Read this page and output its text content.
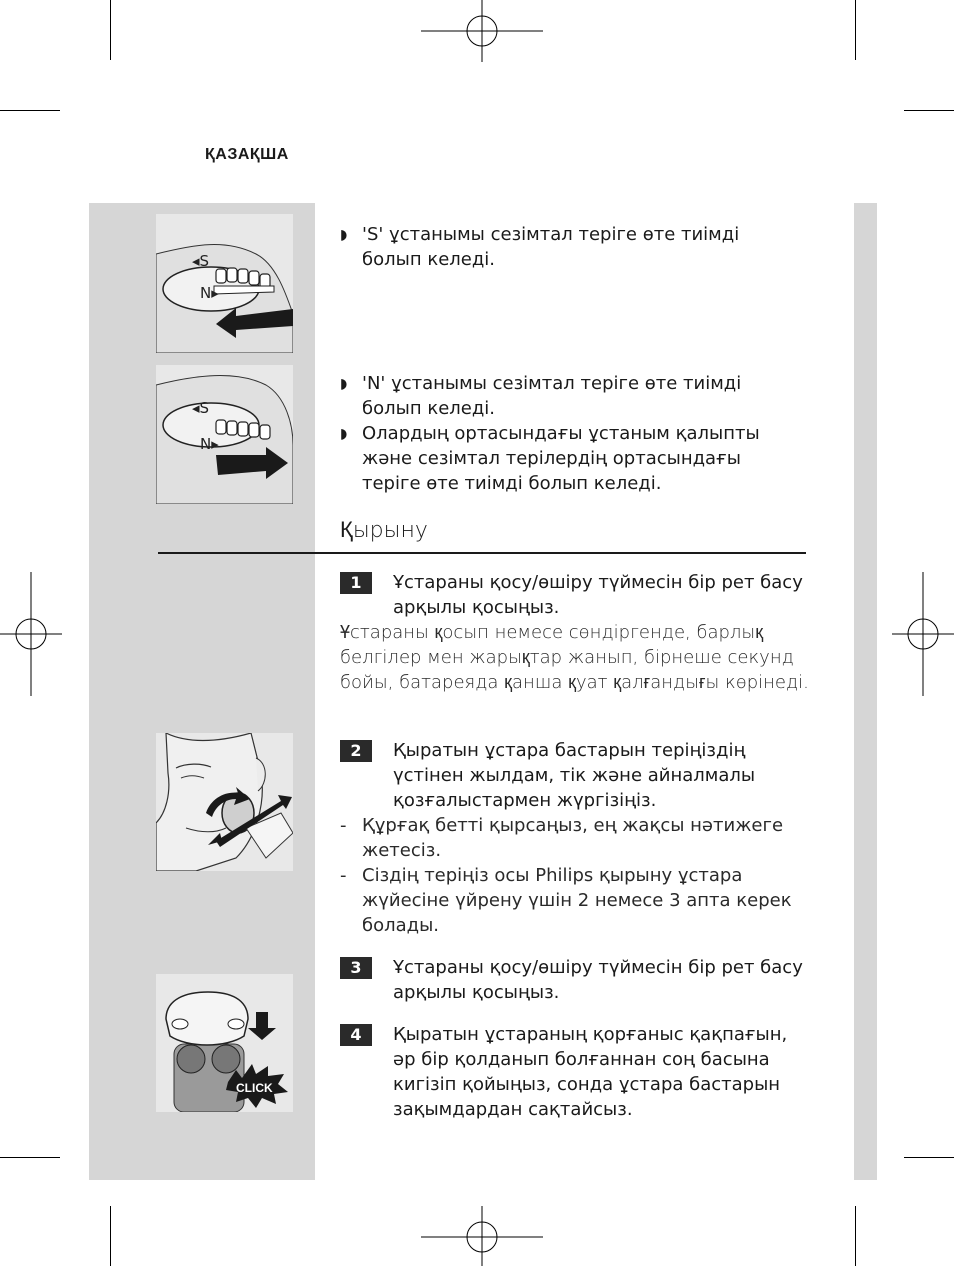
ҚАЗАҚША
◂S
N▸
◂S
N▸
CLICK
◗ 'S' ұстанымы сезімтал теріге өте тиімді болып келеді.
◗ 'N' ұстанымы сезімтал теріге өте тиімді болып келеді.
◗ Олардың ортасындағы ұстаным қалыпты және сезімтал терілердің ортасындағы теріге өте тиімді болып келеді.
Қырыну
1	Ұстараны қосу/өшіру түймесін бір рет басу арқылы қосыңыз.
Ұстараны қосып немесе сөндіргенде, барлық белгілер мен жарықтар жанып, бірнеше секунд бойы, батареяда қанша қуат қалғандығы көрінеді.
2	Қыратын ұстара бастарын теріңіздің үстінен жылдам, тік және айналмалы қозғалыстармен жүргізіңіз.
- Құрғақ бетті қырсаңыз, ең жақсы нәтижеге жетесіз.
- Сіздің теріңіз осы Philips қырыну ұстара жүйесіне үйрену үшін 2 немесе 3 апта керек болады.
3	Ұстараны қосу/өшіру түймесін бір рет басу арқылы қосыңыз.
4	Қыратын ұстараның қорғаныс қақпағын, әр бір қолданып болғаннан соң басына кигізіп қойыңыз, сонда ұстара бастарын зақымдардан сақтайсыз.
